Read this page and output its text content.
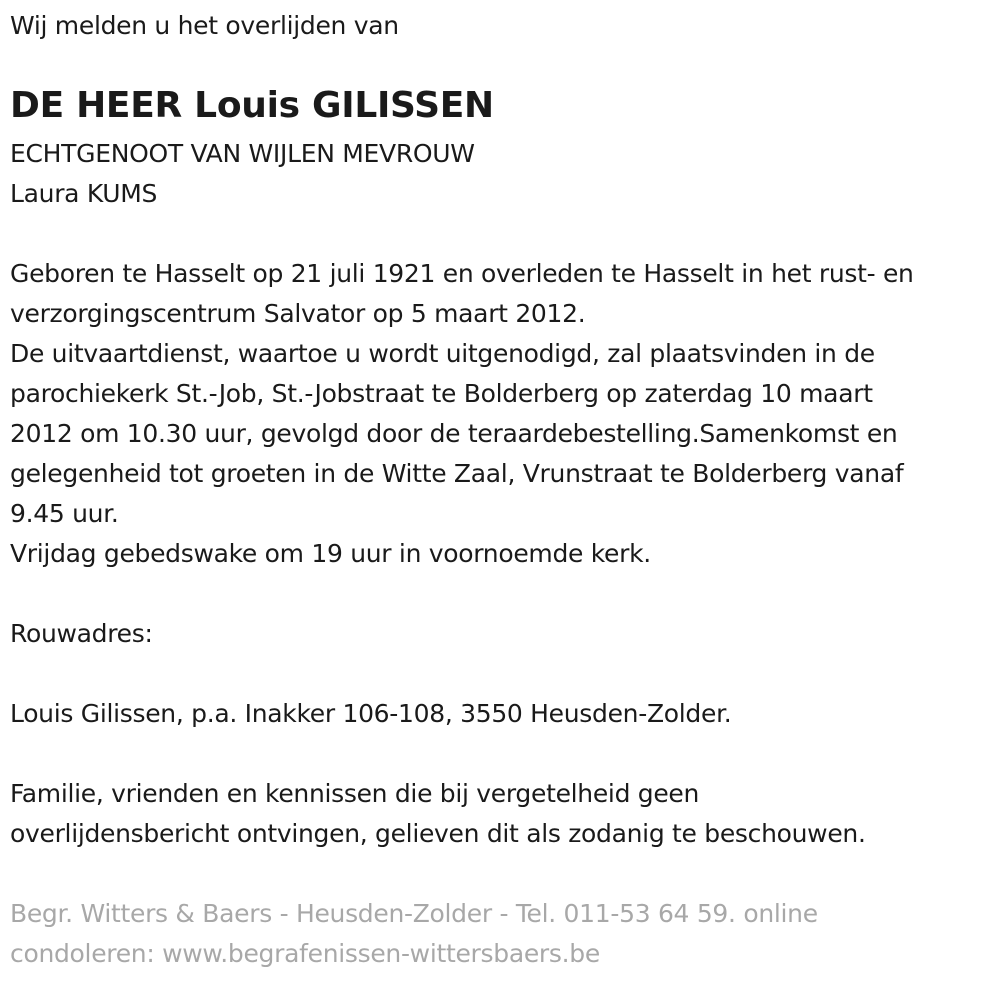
Wij melden u het overlijden van

DE HEER Louis GILISSEN

ECHTGENOOT VAN WIJLEN MEVROUW

Laura KUMS

Geboren te Hasselt op 21 juli 1921 en overleden te Hasselt in het rust- en

verzorgingscentrum Salvator op 5 maart 2012.

De uitvaartdienst, waartoe u wordt uitgenodigd, zal plaatsvinden in de

parochiekerk St.-Job, St.-Jobstraat te Bolderberg op zaterdag 10 maart

2012 om 10.30 uur, gevolgd door de teraardebestelling.Samenkomst en

gelegenheid tot groeten in de Witte Zaal, Vrunstraat te Bolderberg vanaf

9.45 uur.

Vrijdag gebedswake om 19 uur in voornoemde kerk.

Rouwadres:

Louis Gilissen, p.a. Inakker 106-108, 3550 Heusden-Zolder.

Familie, vrienden en kennissen die bij vergetelheid geen

overlijdensbericht ontvingen, gelieven dit als zodanig te beschouwen.

Begr. Witters & Baers - Heusden-Zolder - Tel. 011-53 64 59. online

condoleren: www.begrafenissen-wittersbaers.be
